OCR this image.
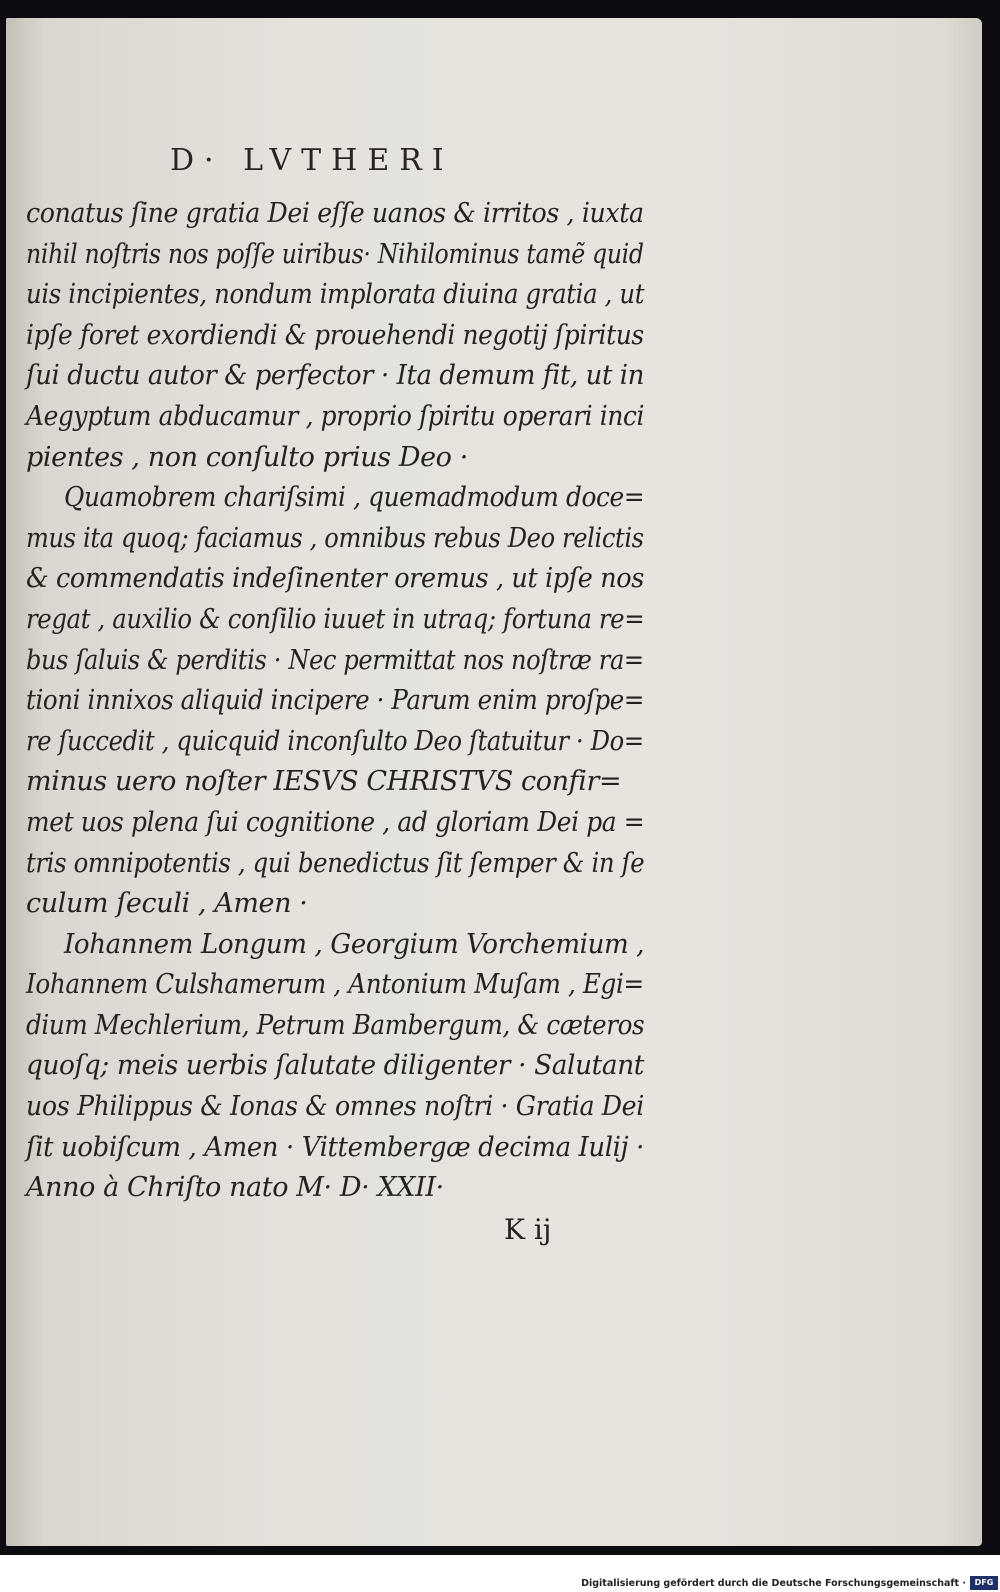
D· LVTHERI
conatus ſine gratia Dei eſſe uanos & irritos , iuxta
nihil noſtris nos poſſe uiribus· Nihilominus tamẽ quid
uis incipientes, nondum implorata diuina gratia , ut
ipſe foret exordiendi & prouehendi negotij ſpiritus
ſui ductu autor & perfector · Ita demum fit, ut in
Aegyptum abducamur , proprio ſpiritu operari inci
pientes , non conſulto prius Deo ·
Quamobrem chariſsimi , quemadmodum doce=
mus ita quoq; faciamus , omnibus rebus Deo relictis
& commendatis indeſinenter oremus , ut ipſe nos
regat , auxilio & conſilio iuuet in utraq; fortuna re=
bus ſaluis & perditis · Nec permittat nos noſtræ ra=
tioni innixos aliquid incipere · Parum enim proſpe=
re ſuccedit , quicquid inconſulto Deo ſtatuitur · Do=
minus uero noſter IESVS CHRISTVS confir=
met uos plena ſui cognitione , ad gloriam Dei pa =
tris omnipotentis , qui benedictus ſit ſemper & in ſe
culum ſeculi , Amen ·
Iohannem Longum , Georgium Vorchemium ,
Iohannem Culshamerum , Antonium Muſam , Egi=
dium Mechlerium, Petrum Bambergum, & cæteros
quoſq; meis uerbis ſalutate diligenter · Salutant
uos Philippus & Ionas & omnes noſtri · Gratia Dei
ſit uobiſcum , Amen · Vittembergæ decima Iulij ·
Anno à Chriſto nato M· D· XXII·
K ij
Digitalisierung gefördert durch die Deutsche Forschungsgemeinschaft ·	DFG
